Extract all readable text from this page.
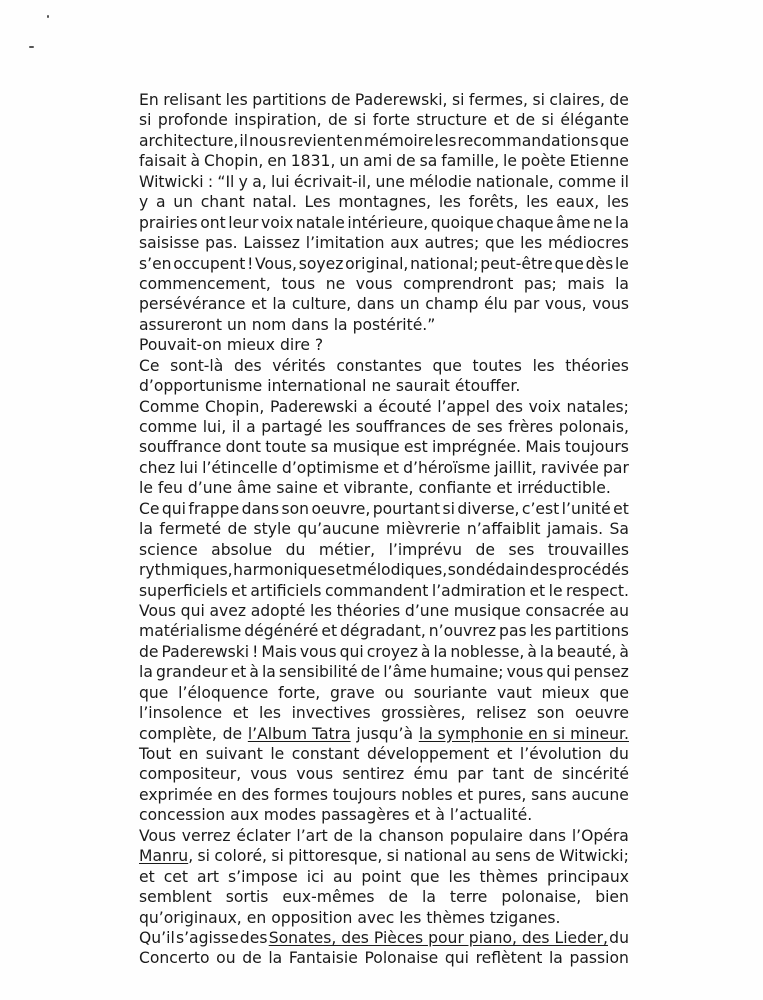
En relisant les partitions de Paderewski, si fermes, si claires, de
si profonde inspiration, de si forte structure et de si élégante
architecture, il nous revient en mémoire les recommandations que
faisait à Chopin, en 1831, un ami de sa famille, le poète Etienne
Witwicki : “Il y a, lui écrivait-il, une mélodie nationale, comme il
y a un chant natal. Les montagnes, les forêts, les eaux, les
prairies ont leur voix natale intérieure, quoique chaque âme ne la
saisisse pas. Laissez l’imitation aux autres; que les médiocres
s’en occupent ! Vous, soyez original, national; peut-être que dès le
commencement, tous ne vous comprendront pas; mais la
persévérance et la culture, dans un champ élu par vous, vous
assureront
un
nom
dans
la
postérité.”
Pouvait-on
mieux
dire
?
Ce sont-là des vérités constantes que toutes les théories
d’opportunisme
international
ne
saurait
étouffer.
Comme Chopin, Paderewski a écouté l’appel des voix natales;
comme lui, il a partagé les souffrances de ses frères polonais,
souffrance dont toute sa musique est imprégnée. Mais toujours
chez lui l’étincelle d’optimisme et d’héroïsme jaillit, ravivée par
le
feu
d’une
âme
saine
et
vibrante,
confiante
et
irréductible.
Ce qui frappe dans son oeuvre, pourtant si diverse, c’est l’unité et
la fermeté de style qu’aucune mièvrerie n’affaiblit jamais. Sa
science absolue du métier, l’imprévu de ses trouvailles
rythmiques, harmoniques et mélodiques, son dédain des procédés
superficiels et artificiels commandent l’admiration et le respect.
Vous qui avez adopté les théories d’une musique consacrée au
matérialisme dégénéré et dégradant, n’ouvrez pas les partitions
de Paderewski ! Mais vous qui croyez à la noblesse, à la beauté, à
la grandeur et à la sensibilité de l’âme humaine; vous qui pensez
que l’éloquence forte, grave ou souriante vaut mieux que
l’insolence et les invectives grossières, relisez son oeuvre
complète, de l’Album Tatra jusqu’à la symphonie en si mineur.
Tout en suivant le constant développement et l’évolution du
compositeur, vous vous sentirez ému par tant de sincérité
exprimée en des formes toujours nobles et pures, sans aucune
concession
aux
modes
passagères
et
à
l’actualité.
Vous verrez éclater l’art de la chanson populaire dans l’Opéra
Manru, si coloré, si pittoresque, si national au sens de Witwicki;
et cet art s’impose ici au point que les thèmes principaux
semblent sortis eux-mêmes de la terre polonaise, bien
qu’originaux,
en
opposition
avec
les
thèmes
tziganes.
Qu’il s’agisse des Sonates, des Pièces pour piano, des Lieder, du
Concerto ou de la Fantaisie Polonaise qui reflètent la passion
